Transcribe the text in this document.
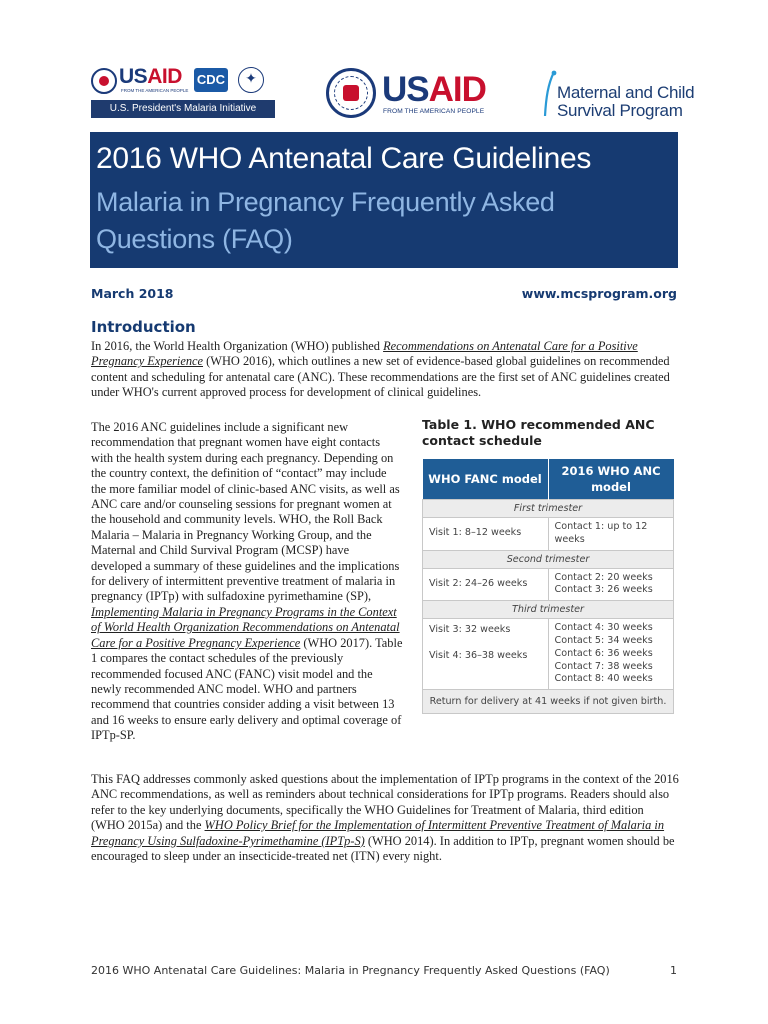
USAID
FROM THE AMERICAN PEOPLE
CDC	✦
U.S. President's Malaria Initiative	USAID
FROM THE AMERICAN PEOPLE
Maternal and Child
Survival Program
2016 WHO Antenatal Care Guidelines
Malaria in Pregnancy Frequently Asked Questions (FAQ)
March 2018	www.mcsprogram.org
Introduction

In 2016, the World Health Organization (WHO) published Recommendations on Antenatal Care for a Positive Pregnancy Experience (WHO 2016), which outlines a new set of evidence-based global guidelines on recommended content and scheduling for antenatal care (ANC). These recommendations are the first set of ANC guidelines created under WHO's current approved process for development of clinical guidelines.

The 2016 ANC guidelines include a significant new recommendation that pregnant women have eight contacts with the health system during each pregnancy. Depending on the country context, the definition of “contact” may include the more familiar model of clinic-based ANC visits, as well as ANC care and/or counseling sessions for pregnant women at the household and community levels. WHO, the Roll Back Malaria – Malaria in Pregnancy Working Group, and the Maternal and Child Survival Program (MCSP) have developed a summary of these guidelines and the implications for delivery of intermittent preventive treatment of malaria in pregnancy (IPTp) with sulfadoxine pyrimethamine (SP), Implementing Malaria in Pregnancy Programs in the Context of World Health Organization Recommendations on Antenatal Care for a Positive Pregnancy Experience (WHO 2017). Table 1 compares the contact schedules of the previously recommended focused ANC (FANC) visit model and the newly recommended ANC model. WHO and partners recommend that countries consider adding a visit between 13 and 16 weeks to ensure early delivery and optimal coverage of IPTp-SP.

Table 1. WHO recommended ANC contact schedule
WHO FANC model	2016 WHO ANC model
First trimester	

Visit 1: 8–12 weeks	Contact 1: up to 12 weeks

Second trimester	

Visit 2: 24–26 weeks	Contact 2: 20 weeks
Contact 3: 26 weeks

Third trimester	

Visit 3: 32 weeks
Visit 4: 36–38 weeks	Contact 4: 30 weeks
Contact 5: 34 weeks
Contact 6: 36 weeks
Contact 7: 38 weeks
Contact 8: 40 weeks

Return for delivery at 41 weeks if not given birth.	

This FAQ addresses commonly asked questions about the implementation of IPTp programs in the context of the 2016 ANC recommendations, as well as reminders about technical considerations for IPTp programs. Readers should also refer to the key underlying documents, specifically the WHO Guidelines for Treatment of Malaria, third edition (WHO 2015a) and the WHO Policy Brief for the Implementation of Intermittent Preventive Treatment of Malaria in Pregnancy Using Sulfadoxine-Pyrimethamine (IPTp-S) (WHO 2014). In addition to IPTp, pregnant women should be encouraged to sleep under an insecticide-treated net (ITN) every night.

2016 WHO Antenatal Care Guidelines: Malaria in Pregnancy Frequently Asked Questions (FAQ)	1
